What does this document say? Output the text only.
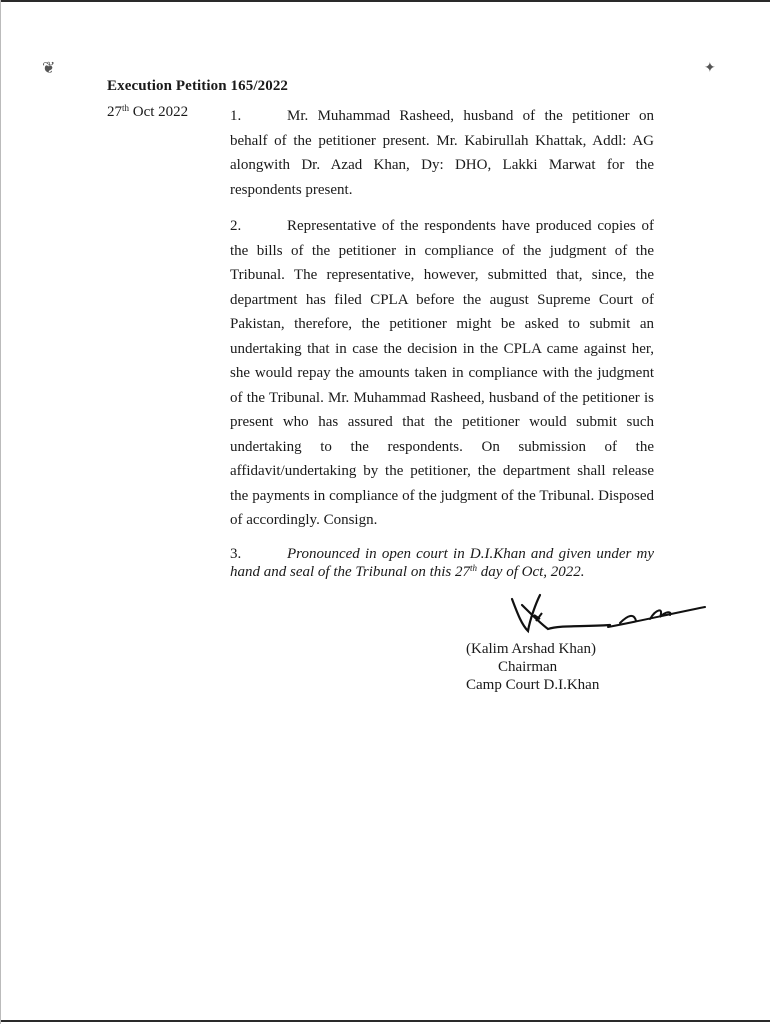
❦	✦
Execution Petition 165/2022
27th Oct 2022	1.	Mr. Muhammad Rasheed, husband of the petitioner on behalf of the petitioner present. Mr. Kabirullah Khattak, Addl: AG alongwith Dr. Azad Khan, Dy: DHO, Lakki Marwat for the respondents present.

2.	Representative of the respondents have produced copies of the bills of the petitioner in compliance of the judgment of the Tribunal. The representative, however, submitted that, since, the department has filed CPLA before the august Supreme Court of Pakistan, therefore, the petitioner might be asked to submit an undertaking that in case the decision in the CPLA came against her, she would repay the amounts taken in compliance with the judgment of the Tribunal. Mr. Muhammad Rasheed, husband of the petitioner is present who has assured that the petitioner would submit such undertaking to the respondents. On submission of the affidavit/undertaking by the petitioner, the department shall release the payments in compliance of the judgment of the Tribunal. Disposed of accordingly. Consign.

3.	Pronounced in open court in D.I.Khan and given under my hand and seal of the Tribunal on this 27th day of Oct, 2022.

(Kalim Arshad Khan)
Chairman
Camp Court D.I.Khan
